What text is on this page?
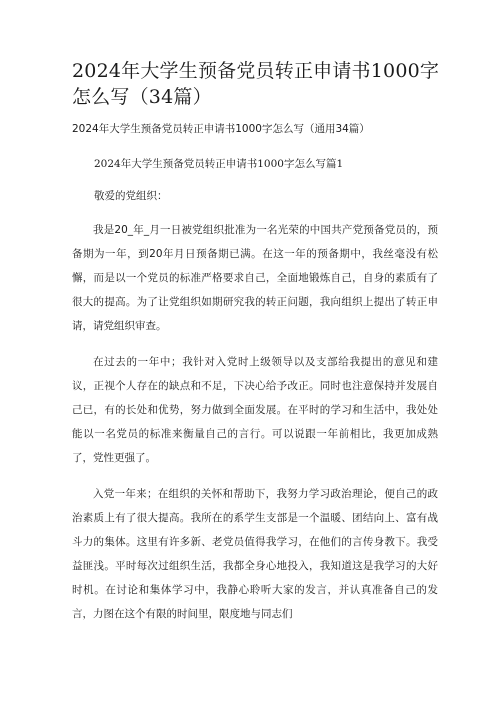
2024年大学生预备党员转正申请书1000字怎么写（34篇）

2024年大学生预备党员转正申请书1000字怎么写（通用34篇）

2024年大学生预备党员转正申请书1000字怎么写篇1

敬爱的党组织：

我是20_年_月一日被党组织批准为一名光荣的中国共产党预备党员的，预备期为一年，到20年月日预备期已满。在这一年的预备期中，我丝毫没有松懈，而是以一个党员的标准严格要求自己，全面地锻炼自己，自身的素质有了很大的提高。为了让党组织如期研究我的转正问题，我向组织上提出了转正申请，请党组织审查。

在过去的一年中；我针对入党时上级领导以及支部给我提出的意见和建议，正视个人存在的缺点和不足，下决心给予改正。同时也注意保持并发展自己已，有的长处和优势，努力做到全面发展。在平时的学习和生活中，我处处能以一名党员的标准来衡量自己的言行。可以说跟一年前相比，我更加成熟了，党性更强了。

入党一年来；在组织的关怀和帮助下，我努力学习政治理论，便自己的政治素质上有了很大提高。我所在的系学生支部是一个温暖、团结向上、富有战斗力的集体。这里有许多新、老党员值得我学习，在他们的言传身教下。我受益匪浅。平时每次过组织生活，我都全身心地投入，我知道这是我学习的大好时机。在讨论和集体学习中，我静心聆听大家的发言，并认真准备自己的发言，力图在这个有限的时间里，限度地与同志们
